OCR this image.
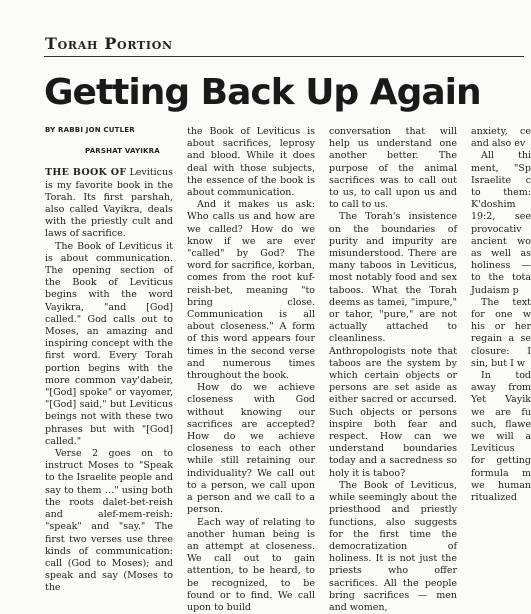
Torah Portion
Getting Back Up Again
BY RABBI JON CUTLER
PARSHAT VAYIKRA

THE BOOK OF Leviticus is my favorite book in the Torah. Its first parshah, also called Vayikra, deals with the priestly cult and laws of sacrifice.

The Book of Leviticus it is about communication. The opening section of the Book of Leviticus begins with the word Vayikra, "and [God] called." God calls out to Moses, an amazing and inspiring concept with the first word. Every Torah portion begins with the more common vay'dabeir, "[God] spoke" or vayomer, "[God] said," but Leviticus beings not with these two phrases but with "[God] called."

Verse 2 goes on to instruct Moses to "Speak to the Israelite people and say to them …" using both the roots dalet-bet-reish and alef-mem-reish: "speak" and "say." The first two verses use three kinds of communication: call (God to Moses); and speak and say (Moses to the

the Book of Leviticus is about sacrifices, leprosy and blood. While it does deal with those subjects, the essence of the book is about communication.

And it makes us ask: Who calls us and how are we called? How do we know if we are ever "called" by God? The word for sacrifice, korban, comes from the root kuf-reish-bet, meaning "to bring close. Communication is all about closeness." A form of this word appears four times in the second verse and numerous times throughout the book.

How do we achieve closeness with God without knowing our sacrifices are accepted? How do we achieve closeness to each other while still retaining our individuality? We call out to a person, we call upon a person and we call to a person.

Each way of relating to another human being is an attempt at closeness. We call out to gain attention, to be heard, to be recognized, to be found or to find. We call upon to build

conversation that will help us understand one another better. The purpose of the animal sacrifices was to call out to us, to call upon us and to call to us.

The Torah's insistence on the boundaries of purity and impurity are misunderstood. There are many taboos in Leviticus, most notably food and sex taboos. What the Torah deems as tamei, "impure," or tahor, "pure," are not actually attached to cleanliness. Anthropologists note that taboos are the system by which certain objects or persons are set aside as either sacred or accursed. Such objects or persons inspire both fear and respect. How can we understand boundaries today and a sacredness so holy it is taboo?

The Book of Leviticus, while seemingly about the priesthood and priestly functions, also suggests for the first time the democratization of holiness. It is not just the priests who offer sacrifices. All the people bring sacrifices — men and women,

anxiety, ce and also ev

All thi ment, "Sp Israelite c to them: K'doshim 19:2, see provocativ ancient wo as well as holiness — to the tota Judaism p

The text for one w his or her regain a se closure: I sin, but I w

In tod away from Yet Vayik we are fu such, flawe we will a Leviticus for getting formula m we human ritualized
